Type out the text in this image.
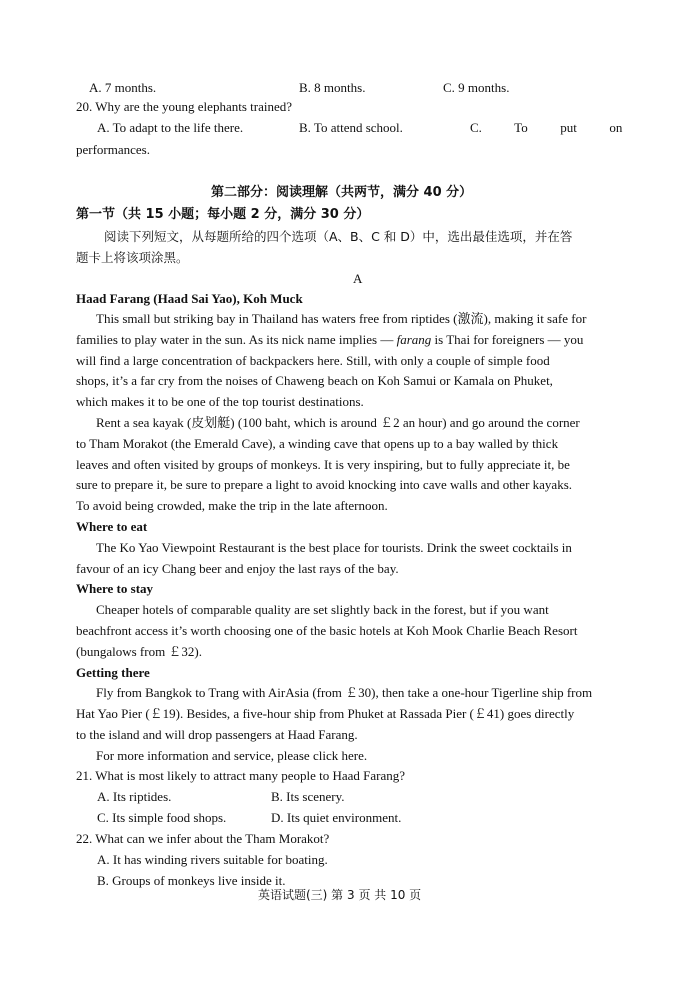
A. 7 months.	B. 8 months.	C. 9 months.
20. Why are the young elephants trained?
A. To adapt to the life there.	B. To attend school.	C.          To          put          on
performances.
第二部分：阅读理解（共两节，满分 40 分）
第一节（共 15 小题；每小题 2 分，满分 30 分）
阅读下列短文，从每题所给的四个选项（A、B、C 和 D）中，选出最佳选项，并在答
题卡上将该项涂黑。
A
Haad Farang (Haad Sai Yao), Koh Muck
This small but striking bay in Thailand has waters free from riptides (激流), making it safe for
families to play water in the sun. As its nick name implies — farang is Thai for foreigners — you
will find a large concentration of backpackers here. Still, with only a couple of simple food
shops, it’s a far cry from the noises of Chaweng beach on Koh Samui or Kamala on Phuket,
which makes it to be one of the top tourist destinations.
Rent a sea kayak (皮划艇) (100 baht, which is around ￡2 an hour) and go around the corner
to Tham Morakot (the Emerald Cave), a winding cave that opens up to a bay walled by thick
leaves and often visited by groups of monkeys. It is very inspiring, but to fully appreciate it, be
sure to prepare it, be sure to prepare a light to avoid knocking into cave walls and other kayaks.
To avoid being crowded, make the trip in the late afternoon.
Where to eat
The Ko Yao Viewpoint Restaurant is the best place for tourists. Drink the sweet cocktails in
favour of an icy Chang beer and enjoy the last rays of the bay.
Where to stay
Cheaper hotels of comparable quality are set slightly back in the forest, but if you want
beachfront access it’s worth choosing one of the basic hotels at Koh Mook Charlie Beach Resort
(bungalows from ￡32).
Getting there
Fly from Bangkok to Trang with AirAsia (from ￡30), then take a one-hour Tigerline ship from
Hat Yao Pier (￡19). Besides, a five-hour ship from Phuket at Rassada Pier (￡41) goes directly
to the island and will drop passengers at Haad Farang.
For more information and service, please click here.
21. What is most likely to attract many people to Haad Farang?
A. Its riptides.	B. Its scenery.
C. Its simple food shops.	D. Its quiet environment.
22. What can we infer about the Tham Morakot?
A. It has winding rivers suitable for boating.
B. Groups of monkeys live inside it.
英语试题(三) 第 3 页 共 10 页
